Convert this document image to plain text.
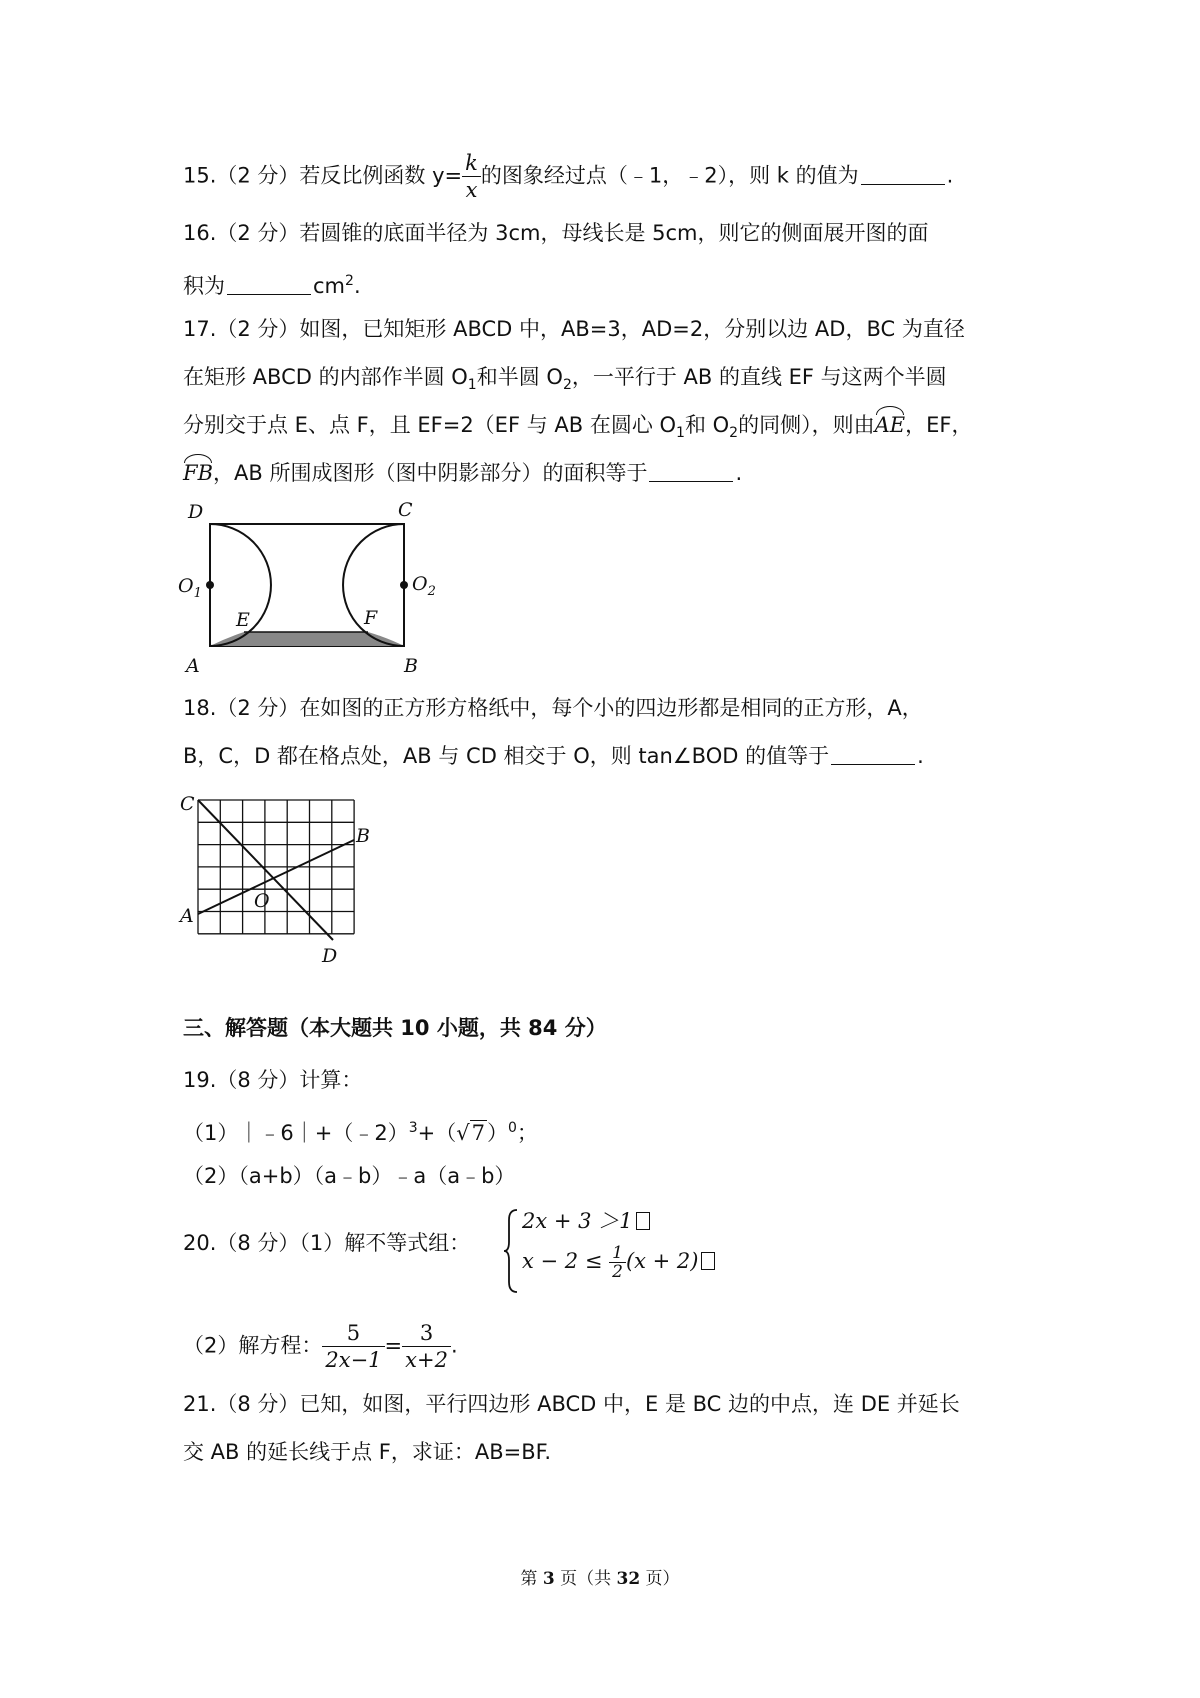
15.（2 分）若反比例函数 $y= \frac{k}{x}$ 的图象经过点（﹣1，﹣2），则 k 的值为	.
16.（2 分）若圆锥的底面半径为 3cm，母线长是 5cm，则它的侧面展开图的面
积为	$cm^2$.
17.（2 分）如图，已知矩形 ABCD 中，AB=3，AD=2，分别以边 AD，BC 为直径
在矩形 ABCD 的内部作半圆 $O_1$和半圆 $O_2$，一平行于 AB 的直线 EF 与这两个半圆
分别交于点 E、点 F，且 EF=2（EF 与 AB 在圆心 $O_1$和 $O_2$的同侧），则由AE，EF，
FB，AB 所围成图形（图中阴影部分）的面积等于	.
D	C
A	B
E	F
$O_1$	$O_2$
18.（2 分）在如图的正方形方格纸中，每个小的四边形都是相同的正方形，A，
B，C，D 都在格点处，AB 与 CD 相交于 O，则 tan∠BOD 的值等于	.
C
B
A
D
O
三、解答题（本大题共 10 小题，共 84 分）
19.（8 分）计算：
$(1)|﹣6|+(﹣2)^3+(√7)^0$；
（2）（a+b）（a﹣b）﹣a（a﹣b）
20.（8 分）（1）解不等式组：
2x + 3 ＞1
$x - 2 \le \frac{1}{2} (x + 2)$
（2）解方程： $\frac{5}{2x-1} = \frac{3}{x+2}$ .
21.（8 分）已知，如图，平行四边形 ABCD 中，E 是 BC 边的中点，连 DE 并延长
交 AB 的延长线于点 F，求证：AB=BF.
第 3 页（共 32 页）
